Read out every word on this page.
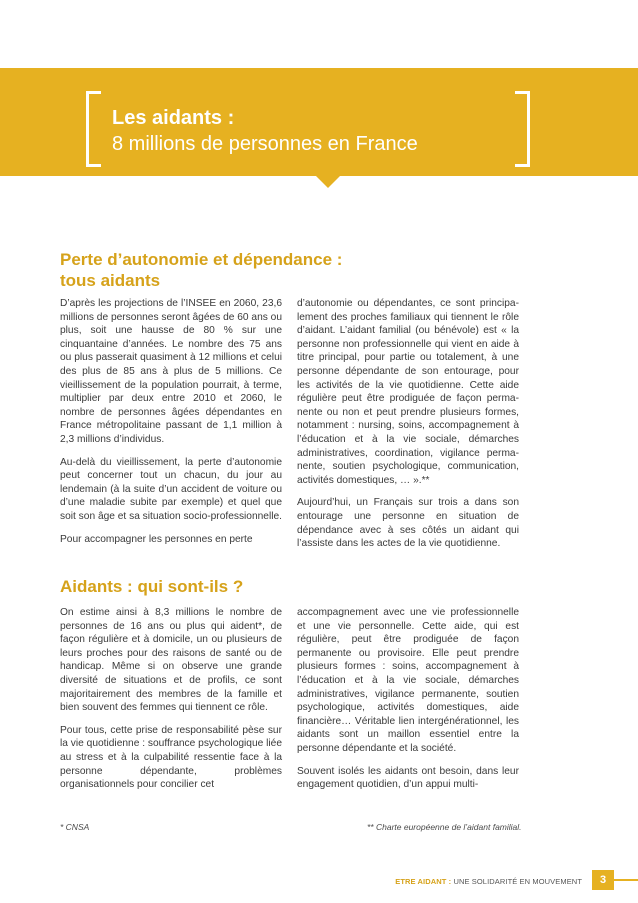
Les aidants :
8 millions de personnes en France
Perte d’autonomie et dépendance :
tous aidants

D’après les projections de l’INSEE en 2060, 23,6 millions de personnes seront âgées de 60 ans ou plus, soit une hausse de 80 % sur une cinquantaine d’années. Le nombre des 75 ans ou plus passerait quasiment à 12 millions et celui des plus de 85 ans à plus de 5 millions. Ce vieillissement de la population pourrait, à terme, multiplier par deux entre 2010 et 2060, le nombre de personnes âgées dépendantes en France métropolitaine passant de 1,1 million à 2,3 millions d’individus.

Au-delà du vieillissement, la perte d’autonomie peut concerner tout un chacun, du jour au lendemain (à la suite d’un accident de voiture ou d’une maladie subite par exemple) et quel que soit son âge et sa situation socio-professionnelle.

Pour accompagner les personnes en perte

d’autonomie ou dépendantes, ce sont principa-lement des proches familiaux qui tiennent le rôle d’aidant. L’aidant familial (ou bénévole) est « la personne non professionnelle qui vient en aide à titre principal, pour partie ou totalement, à une personne dépendante de son entourage, pour les activités de la vie quotidienne. Cette aide régulière peut être prodiguée de façon perma-nente ou non et peut prendre plusieurs formes, notamment : nursing, soins, accompagnement à l’éducation et à la vie sociale, démarches administratives, coordination, vigilance perma-nente, soutien psychologique, communication, activités domestiques, … ».**

Aujourd’hui, un Français sur trois a dans son entourage une personne en situation de dépendance avec à ses côtés un aidant qui l’assiste dans les actes de la vie quotidienne.

Aidants : qui sont-ils ?

On estime ainsi à 8,3 millions le nombre de personnes de 16 ans ou plus qui aident*, de façon régulière et à domicile, un ou plusieurs de leurs proches pour des raisons de santé ou de handicap. Même si on observe une grande diversité de situations et de profils, ce sont majoritairement des membres de la famille et bien souvent des femmes qui tiennent ce rôle.

Pour tous, cette prise de responsabilité pèse sur la vie quotidienne : souffrance psychologique liée au stress et à la culpabilité ressentie face à la personne dépendante, problèmes organisationnels pour concilier cet

accompagnement avec une vie professionnelle et une vie personnelle. Cette aide, qui est régulière, peut être prodiguée de façon permanente ou provisoire. Elle peut prendre plusieurs formes : soins, accompagnement à l’éducation et à la vie sociale, démarches administratives, vigilance permanente, soutien psychologique, activités domestiques, aide financière… Véritable lien intergénérationnel, les aidants sont un maillon essentiel entre la personne dépendante et la société.

Souvent isolés les aidants ont besoin, dans leur engagement quotidien, d’un appui multi-

* CNSA	** Charte européenne de l’aidant familial.
ETRE AIDANT : UNE SOLIDARITÉ EN MOUVEMENT	3
